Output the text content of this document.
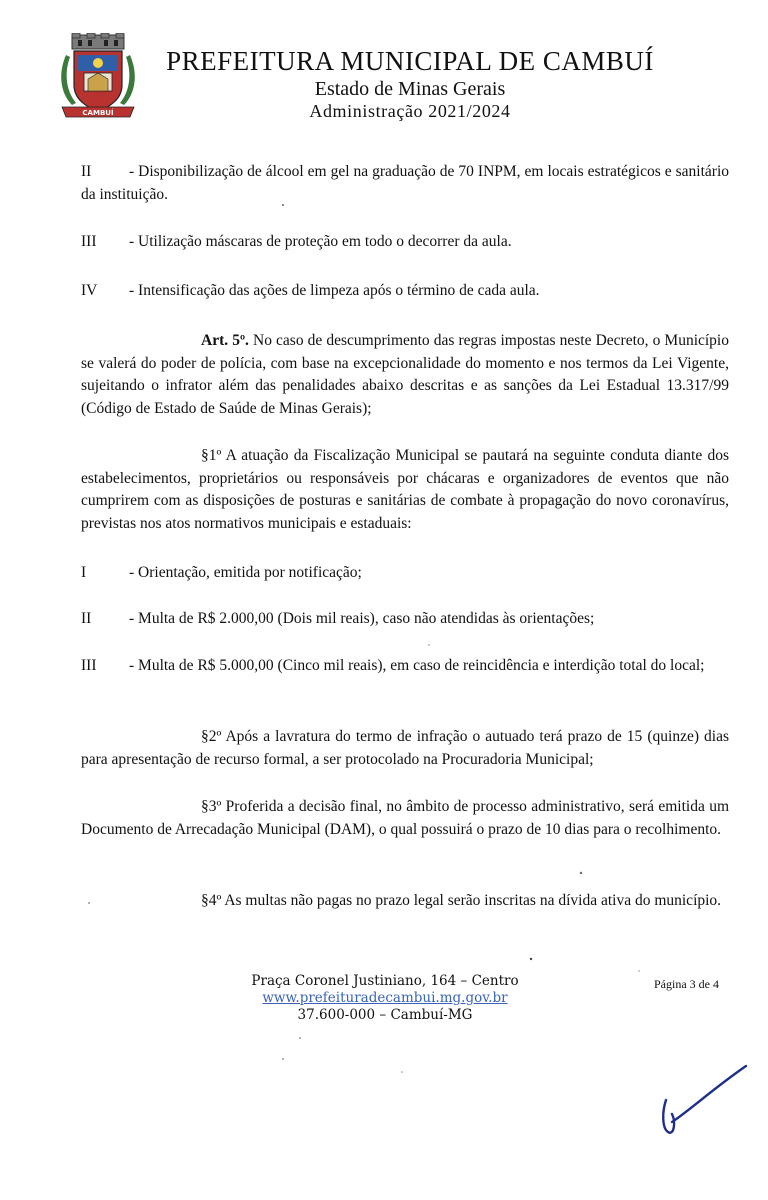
CAMBUÍ
PREFEITURA MUNICIPAL DE CAMBUÍ
Estado de Minas Gerais
Administração 2021/2024
II - Disponibilização de álcool em gel na graduação de 70 INPM, em locais estratégicos e sanitário da instituição.
III - Utilização máscaras de proteção em todo o decorrer da aula.
IV - Intensificação das ações de limpeza após o término de cada aula.
Art. 5º. No caso de descumprimento das regras impostas neste Decreto, o Município se valerá do poder de polícia, com base na excepcionalidade do momento e nos termos da Lei Vigente, sujeitando o infrator além das penalidades abaixo descritas e as sanções da Lei Estadual 13.317/99 (Código de Estado de Saúde de Minas Gerais);
§1º A atuação da Fiscalização Municipal se pautará na seguinte conduta diante dos estabelecimentos, proprietários ou responsáveis por chácaras e organizadores de eventos que não cumprirem com as disposições de posturas e sanitárias de combate à propagação do novo coronavírus, previstas nos atos normativos municipais e estaduais:
I	- Orientação, emitida por notificação;
II - Multa de R$ 2.000,00 (Dois mil reais), caso não atendidas às orientações;
III - Multa de R$ 5.000,00 (Cinco mil reais), em caso de reincidência e interdição total do local;
§2º Após a lavratura do termo de infração o autuado terá prazo de 15 (quinze) dias para apresentação de recurso formal, a ser protocolado na Procuradoria Municipal;
§3º Proferida a decisão final, no âmbito de processo administrativo, será emitida um Documento de Arrecadação Municipal (DAM), o qual possuirá o prazo de 10 dias para o recolhimento.
§4º As multas não pagas no prazo legal serão inscritas na dívida ativa do município.
Praça Coronel Justiniano, 164 – Centro
www.prefeituradecambui.mg.gov.br
37.600-000 – Cambuí-MG
Página 3 de 4
